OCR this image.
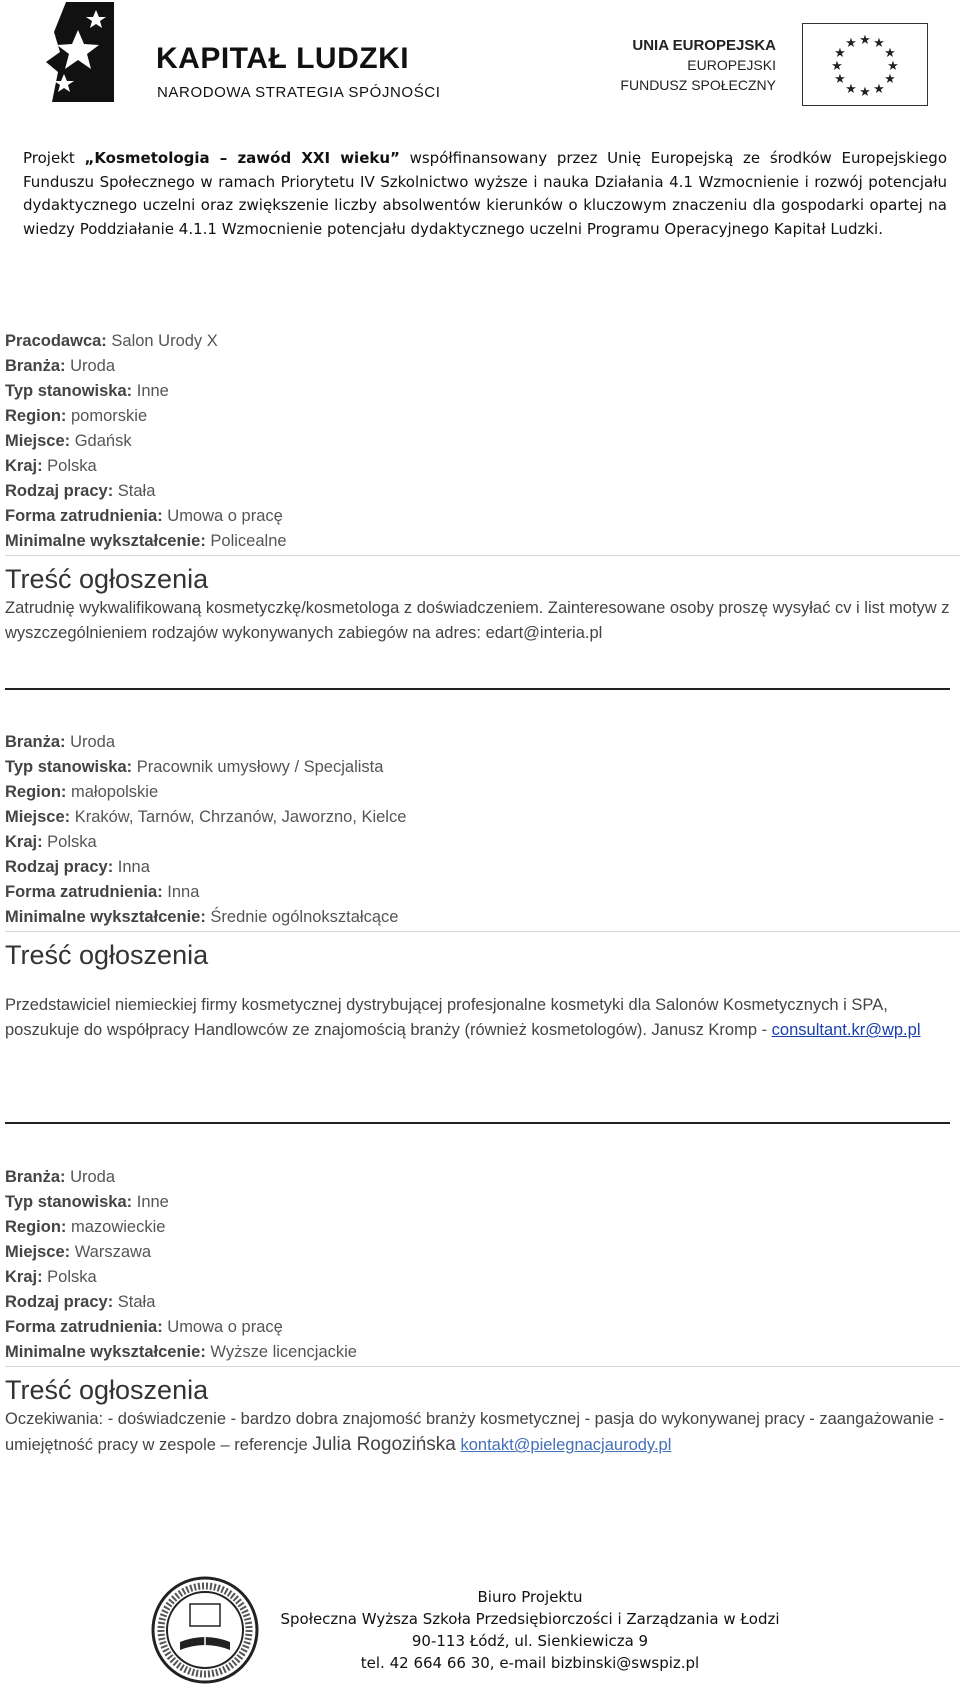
KAPITAŁ LUDZKI
NARODOWA STRATEGIA SPÓJNOŚCI
UNIA EUROPEJSKA
EUROPEJSKI
FUNDUSZ SPOŁECZNY
★ ★
★
★
★
★
★
★
★
★
★
★
Projekt „Kosmetologia – zawód XXI wieku” współfinansowany przez Unię Europejską ze środków Europejskiego Funduszu Społecznego w ramach Priorytetu IV Szkolnictwo wyższe i nauka Działania 4.1 Wzmocnienie i rozwój potencjału dydaktycznego uczelni oraz zwiększenie liczby absolwentów kierunków o kluczowym znaczeniu dla gospodarki opartej na wiedzy Poddziałanie 4.1.1 Wzmocnienie potencjału dydaktycznego uczelni Programu Operacyjnego Kapitał Ludzki.
Pracodawca: Salon Urody X
Branża: Uroda
Typ stanowiska: Inne
Region: pomorskie
Miejsce: Gdańsk
Kraj: Polska
Rodzaj pracy: Stała
Forma zatrudnienia: Umowa o pracę
Minimalne wykształcenie: Policealne
Treść ogłoszenia
Zatrudnię wykwalifikowaną kosmetyczkę/kosmetologa z doświadczeniem. Zainteresowane osoby proszę wysyłać cv i list motyw z wyszczególnieniem rodzajów wykonywanych zabiegów na adres: edart@interia.pl
Branża: Uroda
Typ stanowiska: Pracownik umysłowy / Specjalista
Region: małopolskie
Miejsce: Kraków, Tarnów, Chrzanów, Jaworzno, Kielce
Kraj: Polska
Rodzaj pracy: Inna
Forma zatrudnienia: Inna
Minimalne wykształcenie: Średnie ogólnokształcące
Treść ogłoszenia
Przedstawiciel niemieckiej firmy kosmetycznej dystrybującej profesjonalne kosmetyki dla Salonów Kosmetycznych i SPA, poszukuje do współpracy Handlowców ze znajomością branży (również kosmetologów). Janusz Kromp - consultant.kr@wp.pl
Branża: Uroda
Typ stanowiska: Inne
Region: mazowieckie
Miejsce: Warszawa
Kraj: Polska
Rodzaj pracy: Stała
Forma zatrudnienia: Umowa o pracę
Minimalne wykształcenie: Wyższe licencjackie
Treść ogłoszenia
Oczekiwania: - doświadczenie - bardzo dobra znajomość branży kosmetycznej - pasja do wykonywanej pracy - zaangażowanie - umiejętność pracy w zespole – referencje Julia Rogozińska kontakt@pielegnacjaurody.pl
Biuro Projektu
Społeczna Wyższa Szkoła Przedsiębiorczości i Zarządzania w Łodzi
90-113 Łódź, ul. Sienkiewicza 9
tel. 42 664 66 30, e-mail bizbinski@swspiz.pl
